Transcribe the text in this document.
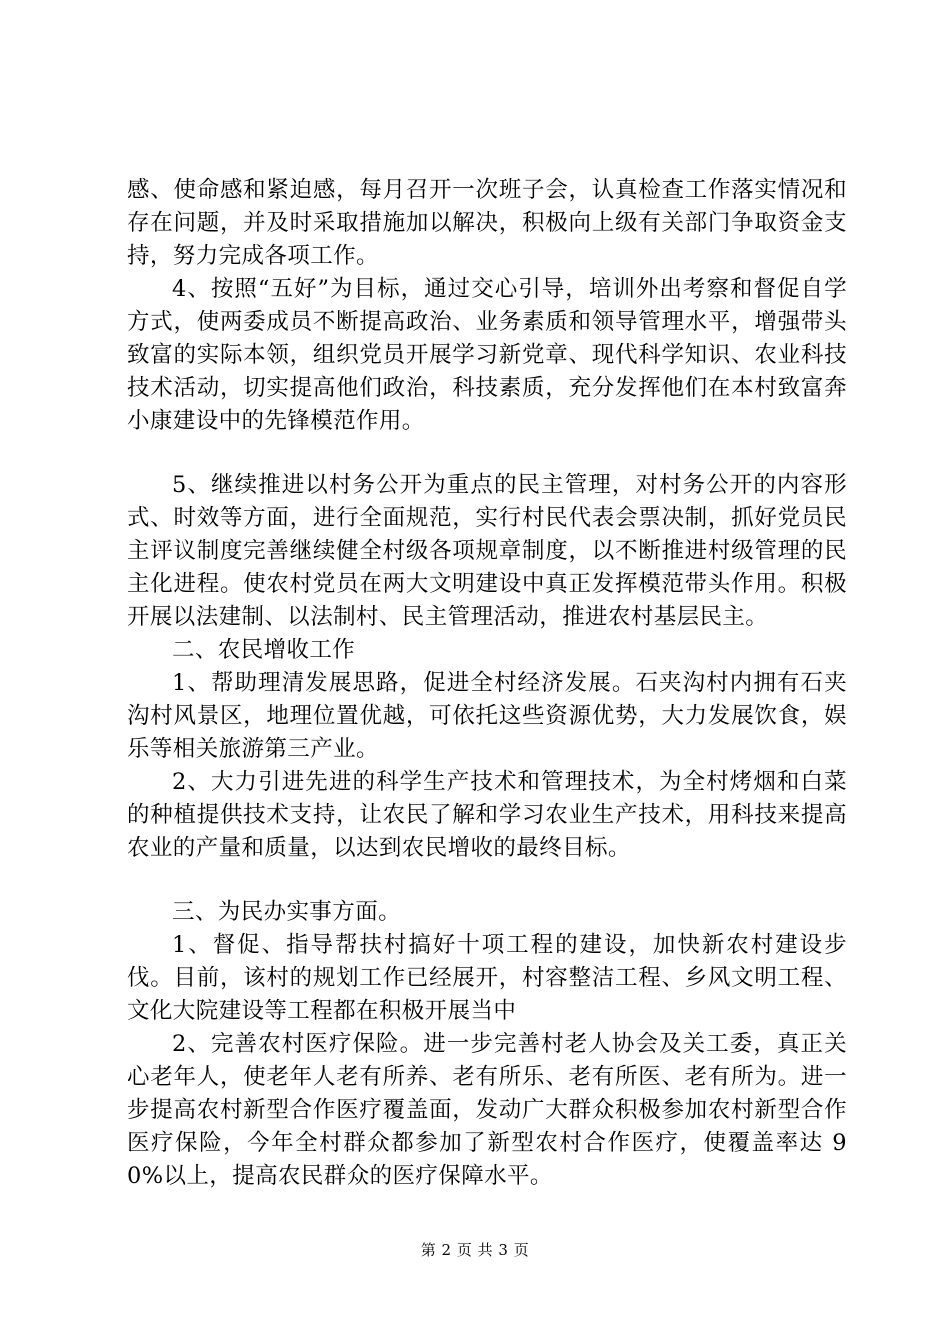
感、使命感和紧迫感，每月召开一次班子会，认真检查工作落实情况和存在问题，并及时采取措施加以解决，积极向上级有关部门争取资金支持，努力完成各项工作。

4、按照“五好”为目标，通过交心引导，培训外出考察和督促自学方式，使两委成员不断提高政治、业务素质和领导管理水平，增强带头致富的实际本领，组织党员开展学习新党章、现代科学知识、农业科技技术活动，切实提高他们政治，科技素质，充分发挥他们在本村致富奔小康建设中的先锋模范作用。

5、继续推进以村务公开为重点的民主管理，对村务公开的内容形式、时效等方面，进行全面规范，实行村民代表会票决制，抓好党员民主评议制度完善继续健全村级各项规章制度，以不断推进村级管理的民主化进程。使农村党员在两大文明建设中真正发挥模范带头作用。积极开展以法建制、以法制村、民主管理活动，推进农村基层民主。

二、农民增收工作

1、帮助理清发展思路，促进全村经济发展。石夹沟村内拥有石夹沟村风景区，地理位置优越，可依托这些资源优势，大力发展饮食，娱乐等相关旅游第三产业。

2、大力引进先进的科学生产技术和管理技术，为全村烤烟和白菜的种植提供技术支持，让农民了解和学习农业生产技术，用科技来提高农业的产量和质量，以达到农民增收的最终目标。

三、为民办实事方面。

1、督促、指导帮扶村搞好十项工程的建设，加快新农村建设步伐。目前，该村的规划工作已经展开，村容整洁工程、乡风文明工程、文化大院建设等工程都在积极开展当中

2、完善农村医疗保险。进一步完善村老人协会及关工委，真正关心老年人，使老年人老有所养、老有所乐、老有所医、老有所为。进一步提高农村新型合作医疗覆盖面，发动广大群众积极参加农村新型合作医疗保险，今年全村群众都参加了新型农村合作医疗，使覆盖率达 90%以上，提高农民群众的医疗保障水平。

第 2 页 共 3 页
